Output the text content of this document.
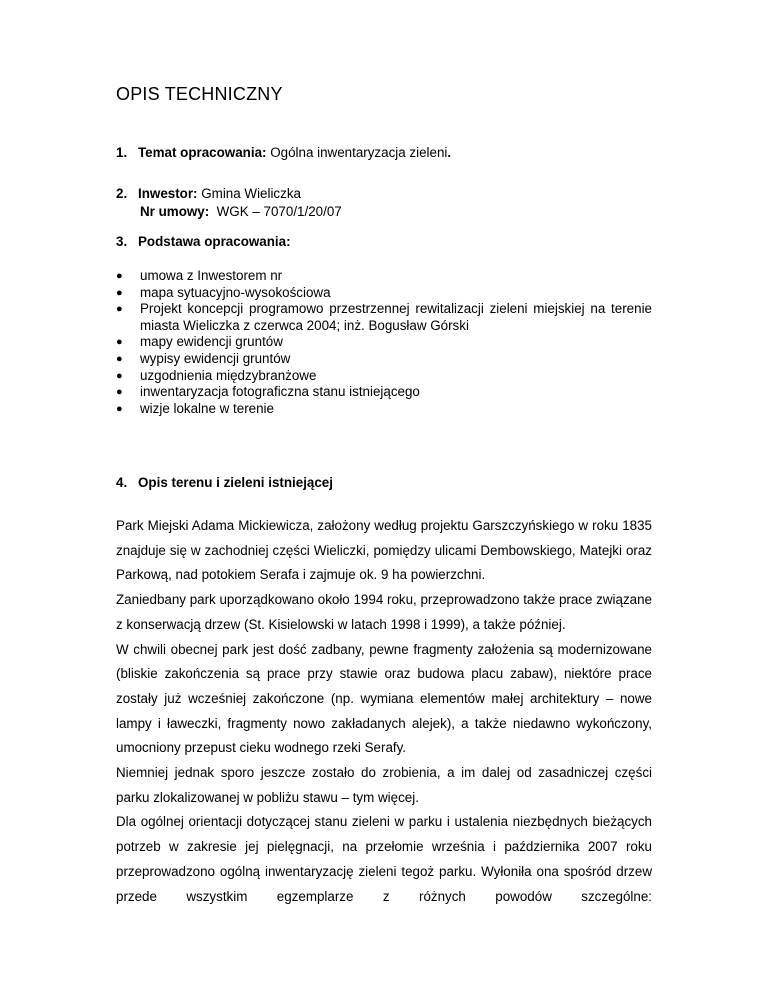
OPIS TECHNICZNY
1. Temat opracowania: Ogólna inwentaryzacja zieleni.
2. Inwestor: Gmina Wieliczka
Nr umowy: WGK – 7070/1/20/07
3. Podstawa opracowania:
●	umowa z Inwestorem nr
●	mapa sytuacyjno-wysokościowa
●	Projekt koncepcji programowo przestrzennej rewitalizacji zieleni miejskiej na terenie miasta Wieliczka z czerwca 2004; inż. Bogusław Górski
●	mapy ewidencji gruntów
●	wypisy ewidencji gruntów
●	uzgodnienia międzybranżowe
●	inwentaryzacja fotograficzna stanu istniejącego
●	wizje lokalne w terenie
4. Opis terenu i zieleni istniejącej

Park Miejski Adama Mickiewicza, założony według projektu Garszczyńskiego w roku 1835 znajduje się w zachodniej części Wieliczki, pomiędzy ulicami Dembowskiego, Matejki oraz Parkową, nad potokiem Serafa i zajmuje ok. 9 ha powierzchni.

Zaniedbany park uporządkowano około 1994 roku, przeprowadzono także prace związane z konserwacją drzew (St. Kisielowski w latach 1998 i 1999), a także później.

W chwili obecnej park jest dość zadbany, pewne fragmenty założenia są modernizowane (bliskie zakończenia są prace przy stawie oraz budowa placu zabaw), niektóre prace zostały już wcześniej zakończone (np. wymiana elementów małej architektury – nowe lampy i ławeczki, fragmenty nowo zakładanych alejek), a także niedawno wykończony, umocniony przepust cieku wodnego rzeki Serafy.

Niemniej jednak sporo jeszcze zostało do zrobienia, a im dalej od zasadniczej części parku zlokalizowanej w pobliżu stawu – tym więcej.

Dla ogólnej orientacji dotyczącej stanu zieleni w parku i ustalenia niezbędnych bieżących potrzeb w zakresie jej pielęgnacji, na przełomie września i października 2007 roku przeprowadzono ogólną inwentaryzację zieleni tegoż parku. Wyłoniła ona spośród drzew przede wszystkim egzemplarze z różnych powodów szczególne:
